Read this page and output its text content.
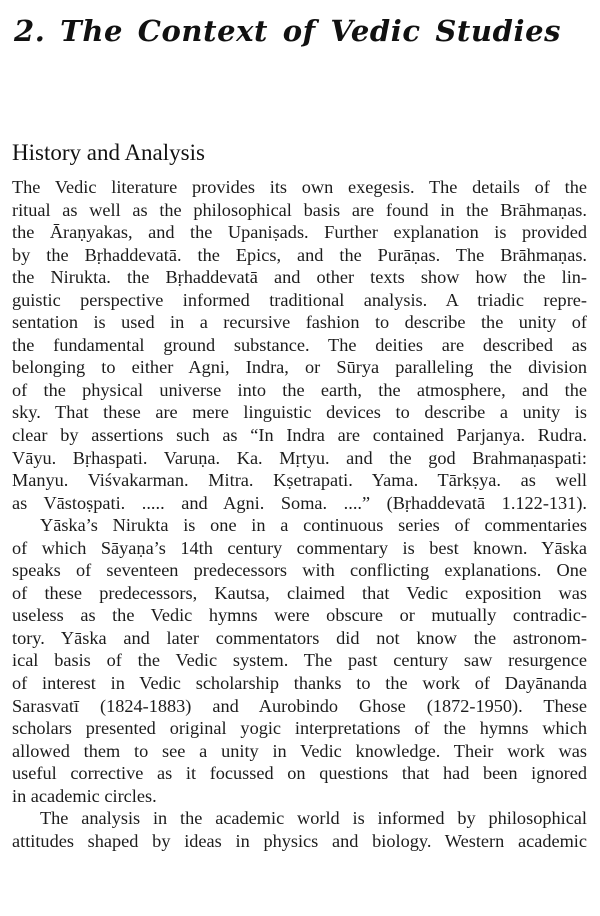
2. The Context of Vedic Studies
History and Analysis
The Vedic literature provides its own exegesis. The details of the
ritual as well as the philosophical basis are found in the Brāhmaṇas.
the Āraṇyakas, and the Upaniṣads. Further explanation is provided
by the Bṛhaddevatā. the Epics, and the Purāṇas. The Brāhmaṇas.
the Nirukta. the Bṛhaddevatā and other texts show how the lin-
guistic perspective informed traditional analysis. A triadic repre-
sentation is used in a recursive fashion to describe the unity of
the fundamental ground substance. The deities are described as
belonging to either Agni, Indra, or Sūrya paralleling the division
of the physical universe into the earth, the atmosphere, and the
sky. That these are mere linguistic devices to describe a unity is
clear by assertions such as “In Indra are contained Parjanya. Rudra.
Vāyu. Bṛhaspati. Varuṇa. Ka. Mṛtyu. and the god Brahmaṇaspati:
Manyu. Viśvakarman. Mitra. Kṣetrapati. Yama. Tārkṣya. as well
as Vāstoṣpati. ..... and Agni. Soma. ....” (Bṛhaddevatā 1.122-131).
Yāska’s Nirukta is one in a continuous series of commentaries
of which Sāyaṇa’s 14th century commentary is best known. Yāska
speaks of seventeen predecessors with conflicting explanations. One
of these predecessors, Kautsa, claimed that Vedic exposition was
useless as the Vedic hymns were obscure or mutually contradic-
tory. Yāska and later commentators did not know the astronom-
ical basis of the Vedic system. The past century saw resurgence
of interest in Vedic scholarship thanks to the work of Dayānanda
Sarasvatī (1824-1883) and Aurobindo Ghose (1872-1950). These
scholars presented original yogic interpretations of the hymns which
allowed them to see a unity in Vedic knowledge. Their work was
useful corrective as it focussed on questions that had been ignored
in academic circles.
The analysis in the academic world is informed by philosophical
attitudes shaped by ideas in physics and biology. Western academic
